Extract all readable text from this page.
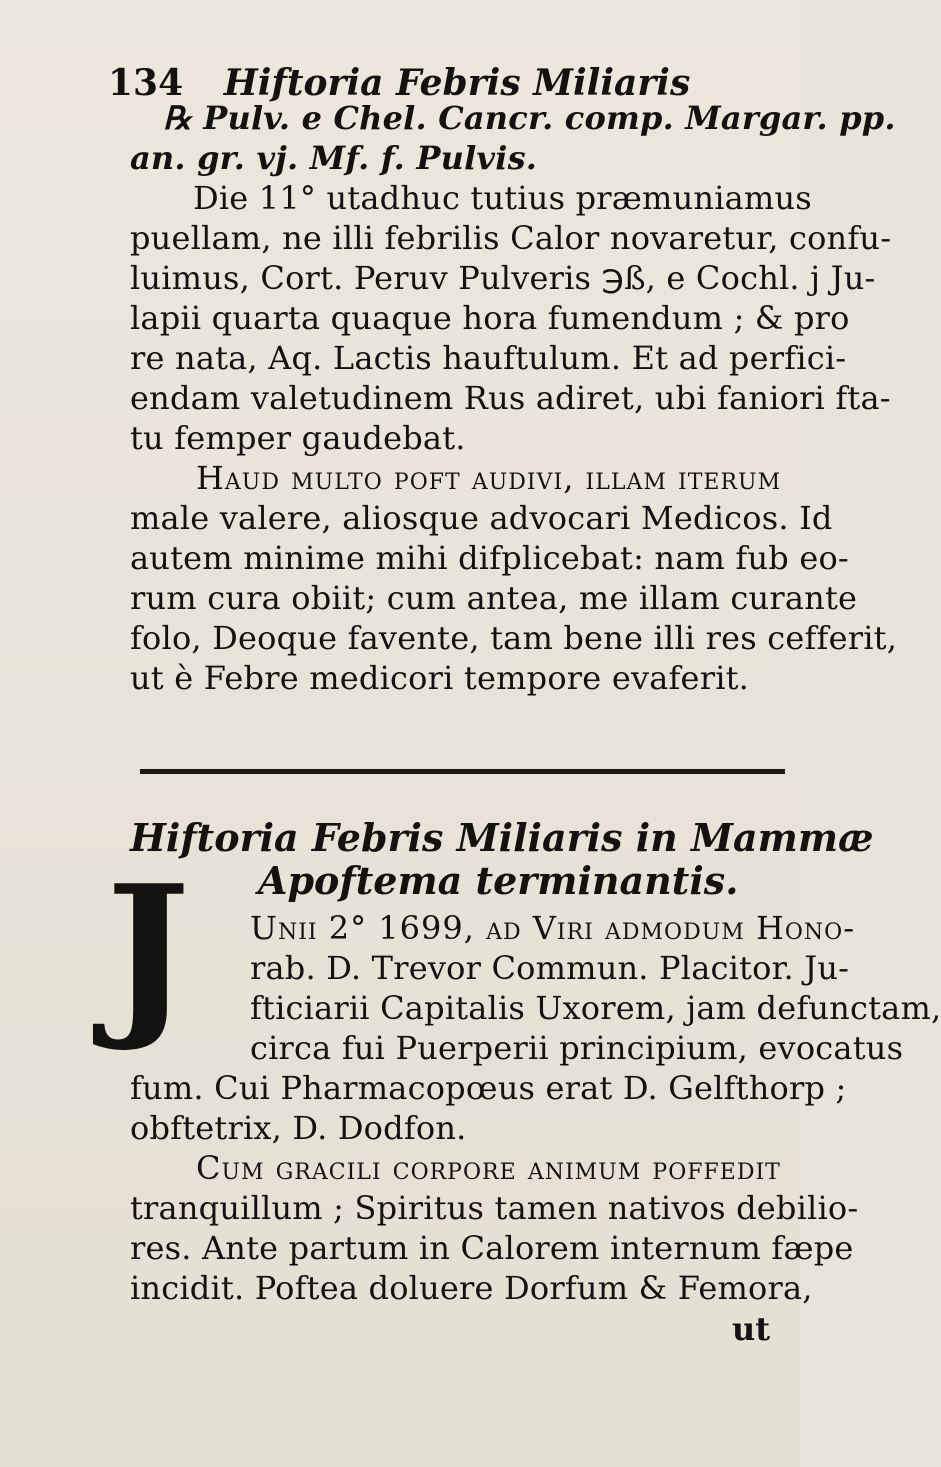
134 Hiftoria Febris Miliaris
℞ Pulv. e Chel. Cancr. comp. Margar. pp.
an. gr. vj. Mf. f. Pulvis.
Die 11° utadhuc tutius præmuniamus
puellam, ne illi febrilis Calor novaretur, confu-
luimus, Cort. Peruv Pulveris ℈ß, e Cochl. j Ju-
lapii quarta quaque hora fumendum ; & pro
re nata, Aq. Lactis hauftulum. Et ad perfici-
endam valetudinem Rus adiret, ubi faniori fta-
tu femper gaudebat.
Haud multo poft audivi, illam iterum
male valere, aliosque advocari Medicos. Id
autem minime mihi difplicebat: nam fub eo-
rum cura obiit; cum antea, me illam curante
folo, Deoque favente, tam bene illi res cefferit,
ut è Febre medicori tempore evaferit.
Hiftoria Febris Miliaris in Mammæ
Apoftema terminantis.
J Unii 2° 1699, ad Viri admodum Hono-
rab. D. Trevor Commun. Placitor. Ju-
fticiarii Capitalis Uxorem, jam defunctam,
circa fui Puerperii principium, evocatus
fum. Cui Pharmacopœus erat D. Gelfthorp ;
obftetrix, D. Dodfon.
Cum gracili corpore animum poffedit
tranquillum ; Spiritus tamen nativos debilio-
res. Ante partum in Calorem internum fæpe
incidit. Poftea doluere Dorfum & Femora,
ut
